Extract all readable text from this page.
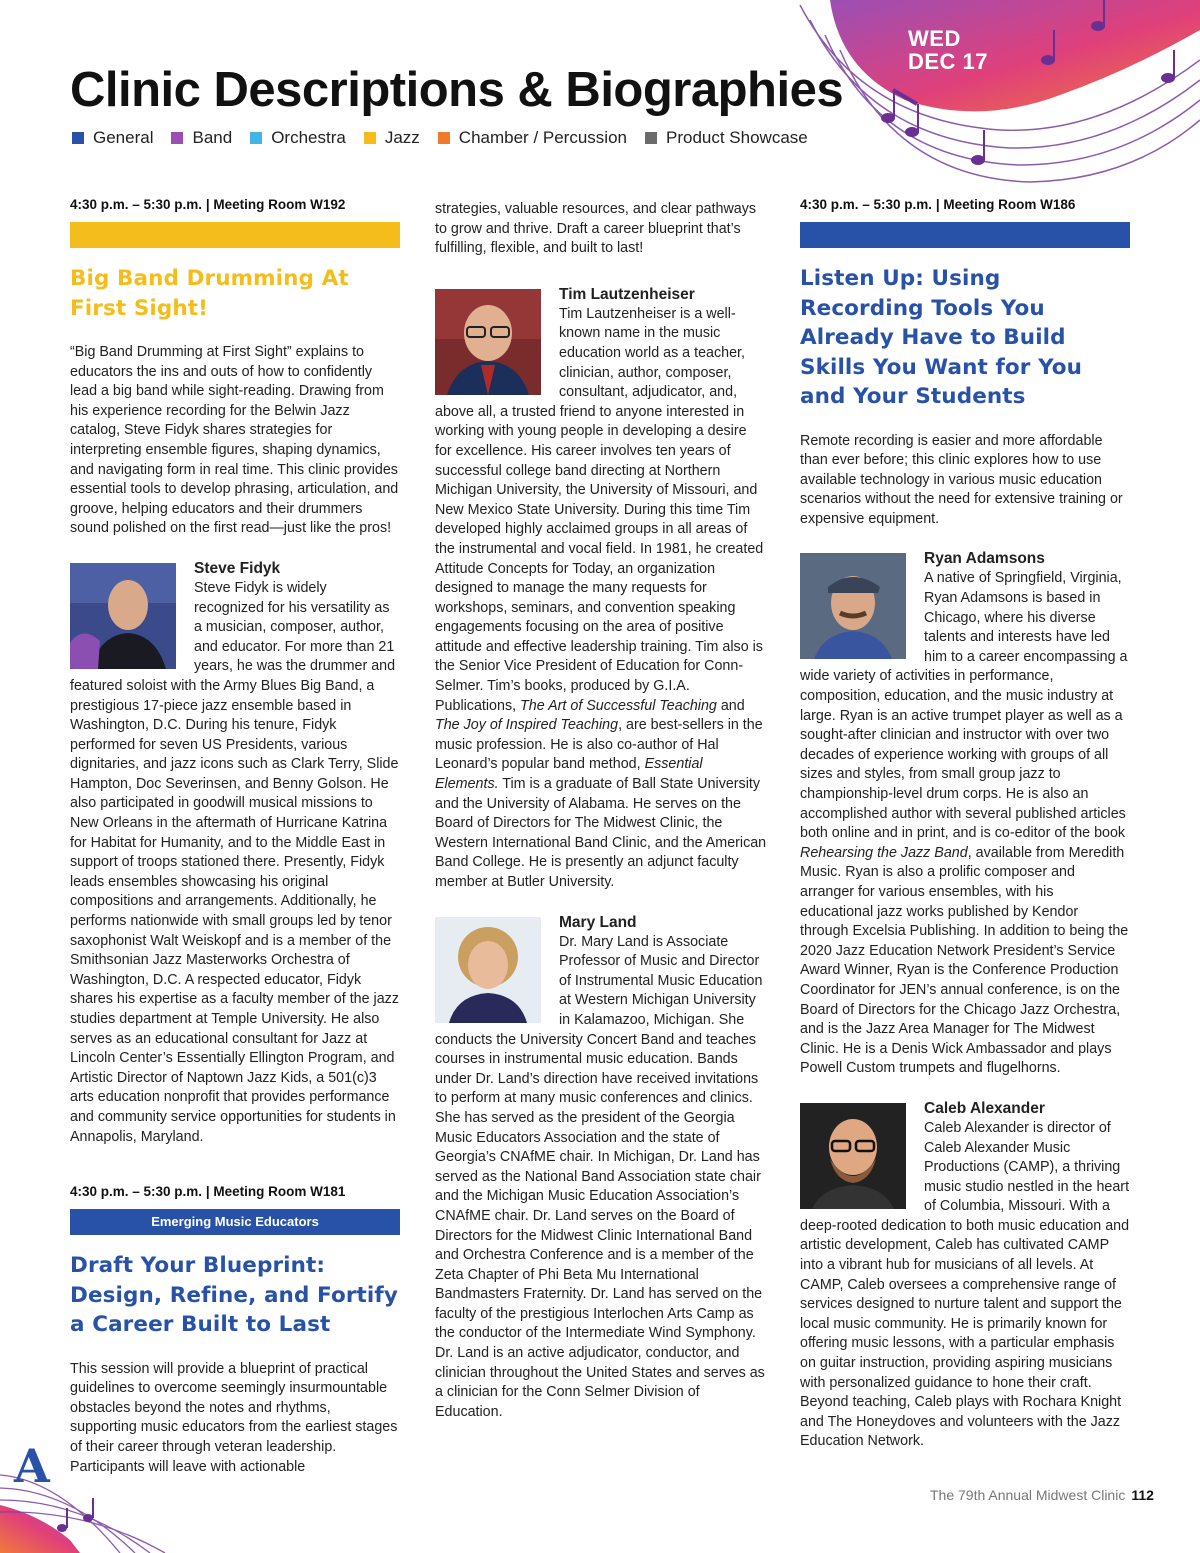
WED
DEC 17
A
Clinic Descriptions & Biographies
General Band Orchestra Jazz Chamber / Percussion Product Showcase
4:30 p.m. – 5:30 p.m. | Meeting Room W192
Big Band Drumming At First Sight!

“Big Band Drumming at First Sight” explains to educators the ins and outs of how to confidently lead a big band while sight-reading. Drawing from his experience recording for the Belwin Jazz catalog, Steve Fidyk shares strategies for interpreting ensemble figures, shaping dynamics, and navigating form in real time. This clinic provides essential tools to develop phrasing, articulation, and groove, helping educators and their drummers sound polished on the first read—just like the pros!

Steve Fidyk

Steve Fidyk is widely recognized for his versatility as a musician, composer, author, and educator. For more than 21 years, he was the drummer and featured soloist with the Army Blues Big Band, a prestigious 17-piece jazz ensemble based in Washington, D.C. During his tenure, Fidyk performed for seven US Presidents, various dignitaries, and jazz icons such as Clark Terry, Slide Hampton, Doc Severinsen, and Benny Golson. He also participated in goodwill musical missions to New Orleans in the aftermath of Hurricane Katrina for Habitat for Humanity, and to the Middle East in support of troops stationed there. Presently, Fidyk leads ensembles showcasing his original compositions and arrangements. Additionally, he performs nationwide with small groups led by tenor saxophonist Walt Weiskopf and is a member of the Smithsonian Jazz Masterworks Orchestra of Washington, D.C. A respected educator, Fidyk shares his expertise as a faculty member of the jazz studies department at Temple University. He also serves as an educational consultant for Jazz at Lincoln Center’s Essentially Ellington Program, and Artistic Director of Naptown Jazz Kids, a 501(c)3 arts education nonprofit that provides performance and community service opportunities for students in Annapolis, Maryland.

4:30 p.m. – 5:30 p.m. | Meeting Room W181
Emerging Music Educators
Draft Your Blueprint: Design, Refine, and Fortify a Career Built to Last

This session will provide a blueprint of practical guidelines to overcome seemingly insurmountable obstacles beyond the notes and rhythms, supporting music educators from the earliest stages of their career through veteran leadership. Participants will leave with actionable

strategies, valuable resources, and clear pathways to grow and thrive. Draft a career blueprint that’s fulfilling, flexible, and built to last!

Tim Lautzenheiser

Tim Lautzenheiser is a well-known name in the music education world as a teacher, clinician, author, composer, consultant, adjudicator, and, above all, a trusted friend to anyone interested in working with young people in developing a desire for excellence. His career involves ten years of successful college band directing at Northern Michigan University, the University of Missouri, and New Mexico State University. During this time Tim developed highly acclaimed groups in all areas of the instrumental and vocal field. In 1981, he created Attitude Concepts for Today, an organization designed to manage the many requests for workshops, seminars, and convention speaking engagements focusing on the area of positive attitude and effective leadership training. Tim also is the Senior Vice President of Education for Conn-Selmer. Tim’s books, produced by G.I.A. Publications, The Art of Successful Teaching and The Joy of Inspired Teaching, are best-sellers in the music profession. He is also co-author of Hal Leonard’s popular band method, Essential Elements. Tim is a graduate of Ball State University and the University of Alabama. He serves on the Board of Directors for The Midwest Clinic, the Western International Band Clinic, and the American Band College. He is presently an adjunct faculty member at Butler University.

Mary Land

Dr. Mary Land is Associate Professor of Music and Director of Instrumental Music Education at Western Michigan University in Kalamazoo, Michigan. She conducts the University Concert Band and teaches courses in instrumental music education. Bands under Dr. Land’s direction have received invitations to perform at many music conferences and clinics. She has served as the president of the Georgia Music Educators Association and the state of Georgia’s CNAfME chair. In Michigan, Dr. Land has served as the National Band Association state chair and the Michigan Music Education Association’s CNAfME chair. Dr. Land serves on the Board of Directors for the Midwest Clinic International Band and Orchestra Conference and is a member of the Zeta Chapter of Phi Beta Mu International Bandmasters Fraternity. Dr. Land has served on the faculty of the prestigious Interlochen Arts Camp as the conductor of the Intermediate Wind Symphony. Dr. Land is an active adjudicator, conductor, and clinician throughout the United States and serves as a clinician for the Conn Selmer Division of Education.

4:30 p.m. – 5:30 p.m. | Meeting Room W186
Listen Up: Using Recording Tools You Already Have to Build Skills You Want for You and Your Students

Remote recording is easier and more affordable than ever before; this clinic explores how to use available technology in various music education scenarios without the need for extensive training or expensive equipment.

Ryan Adamsons

A native of Springfield, Virginia, Ryan Adamsons is based in Chicago, where his diverse talents and interests have led him to a career encompassing a wide variety of activities in performance, composition, education, and the music industry at large. Ryan is an active trumpet player as well as a sought-after clinician and instructor with over two decades of experience working with groups of all sizes and styles, from small group jazz to championship-level drum corps. He is also an accomplished author with several published articles both online and in print, and is co-editor of the book Rehearsing the Jazz Band, available from Meredith Music. Ryan is also a prolific composer and arranger for various ensembles, with his educational jazz works published by Kendor through Excelsia Publishing. In addition to being the 2020 Jazz Education Network President’s Service Award Winner, Ryan is the Conference Production Coordinator for JEN’s annual conference, is on the Board of Directors for the Chicago Jazz Orchestra, and is the Jazz Area Manager for The Midwest Clinic. He is a Denis Wick Ambassador and plays Powell Custom trumpets and flugelhorns.

Caleb Alexander

Caleb Alexander is director of Caleb Alexander Music Productions (CAMP), a thriving music studio nestled in the heart of Columbia, Missouri. With a deep-rooted dedication to both music education and artistic development, Caleb has cultivated CAMP into a vibrant hub for musicians of all levels. At CAMP, Caleb oversees a comprehensive range of services designed to nurture talent and support the local music community. He is primarily known for offering music lessons, with a particular emphasis on guitar instruction, providing aspiring musicians with personalized guidance to hone their craft. Beyond teaching, Caleb plays with Rochara Knight and The Honeydoves and volunteers with the Jazz Education Network.

The 79th Annual Midwest Clinic 112
